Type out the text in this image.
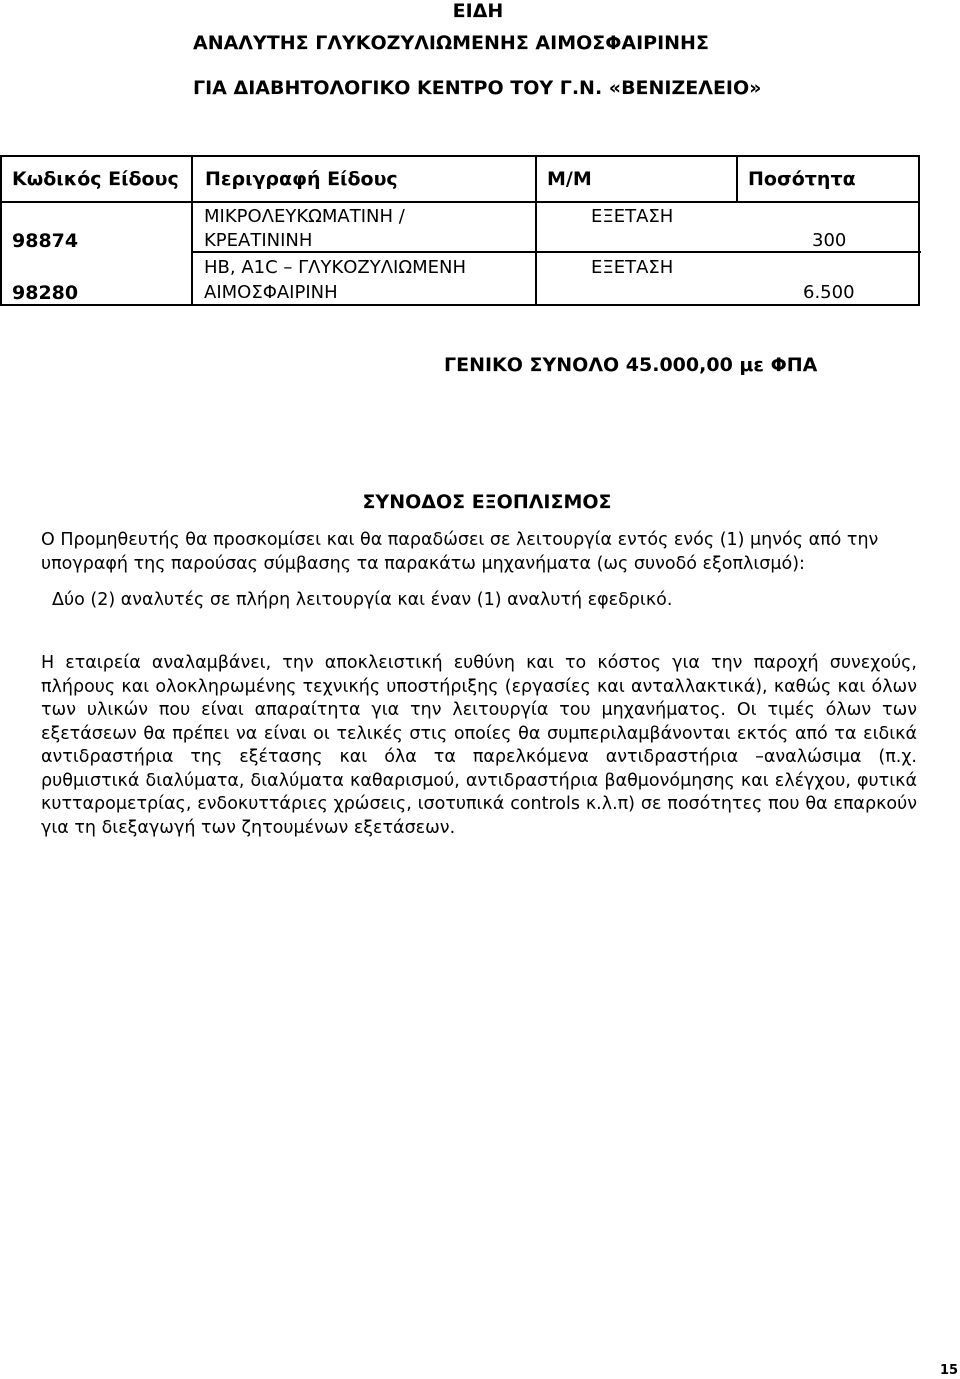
ΕΙΔΗ
ΑΝΑΛΥΤΗΣ ΓΛΥΚΟΖΥΛΙΩΜΕΝΗΣ ΑΙΜΟΣΦΑΙΡΙΝΗΣ
ΓΙΑ ΔΙΑΒΗΤΟΛΟΓΙΚΟ ΚΕΝΤΡΟ ΤΟΥ Γ.Ν. «ΒΕΝΙΖΕΛΕΙΟ»
Κωδικός Είδους Περιγραφή Είδους	Μ/Μ	Ποσότητα
98874
ΜΙΚΡΟΛΕΥΚΩΜΑΤΙΝΗ /
ΚΡΕΑΤΙΝΙΝΗ
ΕΞΕΤΑΣΗ
300
98280
HB, A1C – ΓΛΥΚΟΖΥΛΙΩΜΕΝΗ
ΑΙΜΟΣΦΑΙΡΙΝΗ
ΕΞΕΤΑΣΗ
6.500
ΓΕΝΙΚΟ ΣΥΝΟΛΟ 45.000,00 με ΦΠΑ
ΣΥΝΟΔΟΣ ΕΞΟΠΛΙΣΜΟΣ
Ο Προμηθευτής θα προσκομίσει και θα παραδώσει σε λειτουργία εντός ενός (1) μηνός από την υπογραφή της παρούσας σύμβασης τα παρακάτω μηχανήματα (ως συνοδό εξοπλισμό):
Δύο (2) αναλυτές σε πλήρη λειτουργία και έναν (1) αναλυτή εφεδρικό.
Η εταιρεία αναλαμβάνει, την αποκλειστική ευθύνη και το κόστος για την παροχή συνεχούς, πλήρους και ολοκληρωμένης τεχνικής υποστήριξης (εργασίες και ανταλλακτικά), καθώς και όλων των υλικών που είναι απαραίτητα για την λειτουργία του μηχανήματος. Οι τιμές όλων των εξετάσεων θα πρέπει να είναι οι τελικές στις οποίες θα συμπεριλαμβάνονται εκτός από τα ειδικά αντιδραστήρια της εξέτασης και όλα τα παρελκόμενα αντιδραστήρια –αναλώσιμα (π.χ. ρυθμιστικά διαλύματα, διαλύματα καθαρισμού, αντιδραστήρια βαθμονόμησης και ελέγχου, φυτικά κυτταρομετρίας, ενδοκυττάριες χρώσεις, ισοτυπικά controls κ.λ.π) σε ποσότητες που θα επαρκούν για τη διεξαγωγή των ζητουμένων εξετάσεων.
15
